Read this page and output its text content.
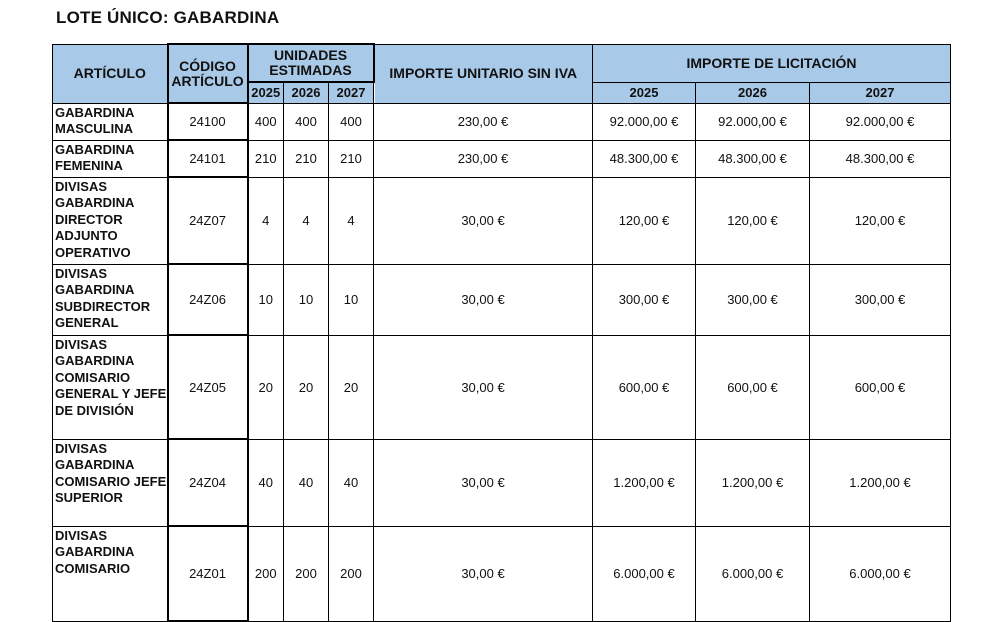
LOTE ÚNICO: GABARDINA
ARTÍCULO	CÓDIGO ARTÍCULO	UNIDADES ESTIMADAS			IMPORTE UNITARIO SIN IVA	IMPORTE DE LICITACIÓN		
		2025	2026	2027		2025	2026	2027
GABARDINA MASCULINA	24100	400	400	400	230,00 €	92.000,00 €	92.000,00 €	92.000,00 €
GABARDINA FEMENINA	24101	210	210	210	230,00 €	48.300,00 €	48.300,00 €	48.300,00 €
DIVISAS GABARDINA DIRECTOR ADJUNTO OPERATIVO	24Z07	4	4	4	30,00 €	120,00 €	120,00 €	120,00 €
DIVISAS GABARDINA SUBDIRECTOR GENERAL	24Z06	10	10	10	30,00 €	300,00 €	300,00 €	300,00 €
DIVISAS GABARDINA COMISARIO GENERAL Y JEFE DE DIVISIÓN	24Z05	20	20	20	30,00 €	600,00 €	600,00 €	600,00 €
DIVISAS GABARDINA COMISARIO JEFE SUPERIOR	24Z04	40	40	40	30,00 €	1.200,00 €	1.200,00 €	1.200,00 €
DIVISAS GABARDINA COMISARIO	24Z01	200	200	200	30,00 €	6.000,00 €	6.000,00 €	6.000,00 €
